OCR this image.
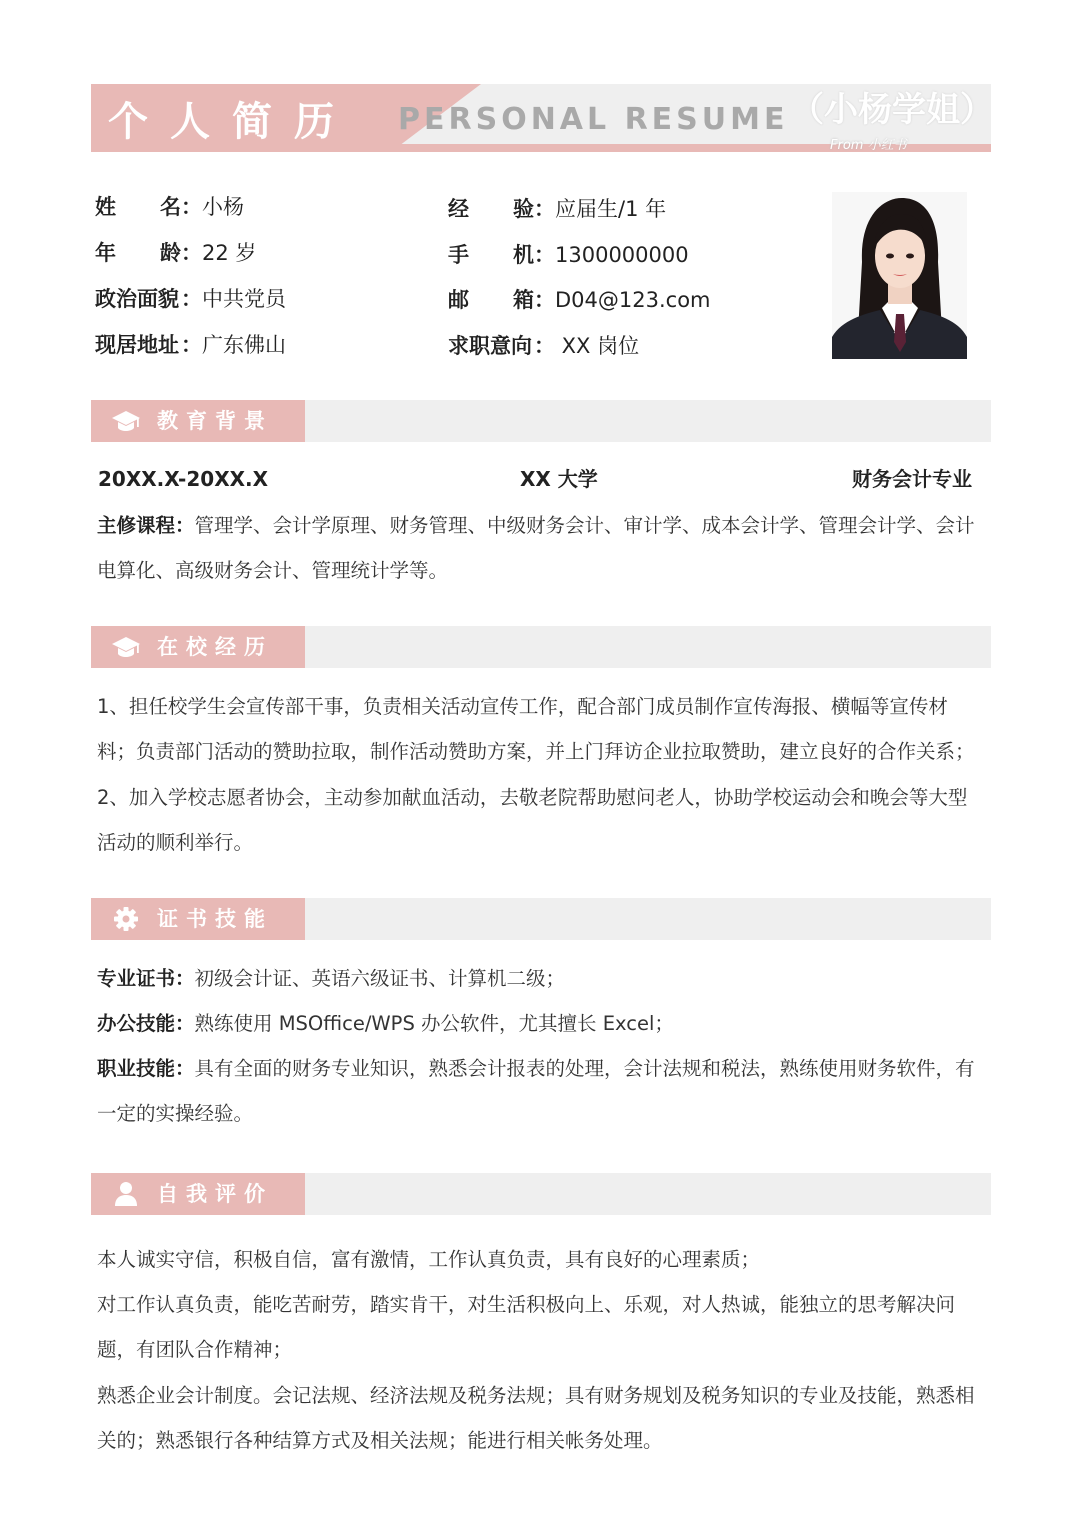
个人简历 PERSONAL RESUME （小杨学姐）
From 小红书
姓名：小杨
年龄：22 岁
政治面貌：中共党员
现居地址：广东佛山
经验：应届生/1 年
手机：1300000000
邮箱：D04@123.com
求职意向： XX 岗位
教育背景
20XX.X-20XX.X	XX 大学	财务会计专业
主修课程：管理学、会计学原理、财务管理、中级财务会计、审计学、成本会计学、管理会计学、会计电算化、高级财务会计、管理统计学等。
在校经历
1、担任校学生会宣传部干事，负责相关活动宣传工作，配合部门成员制作宣传海报、横幅等宣传材料；负责部门活动的赞助拉取，制作活动赞助方案，并上门拜访企业拉取赞助，建立良好的合作关系；
2、加入学校志愿者协会，主动参加献血活动，去敬老院帮助慰问老人，协助学校运动会和晚会等大型活动的顺利举行。
证书技能
专业证书：初级会计证、英语六级证书、计算机二级；
办公技能：熟练使用 MSOffice/WPS 办公软件，尤其擅长 Excel；
职业技能：具有全面的财务专业知识，熟悉会计报表的处理，会计法规和税法，熟练使用财务软件，有一定的实操经验。
自我评价
本人诚实守信，积极自信，富有激情，工作认真负责，具有良好的心理素质；
对工作认真负责，能吃苦耐劳，踏实肯干，对生活积极向上、乐观，对人热诚，能独立的思考解决问题，有团队合作精神；
熟悉企业会计制度。会记法规、经济法规及税务法规；具有财务规划及税务知识的专业及技能，熟悉相关的；熟悉银行各种结算方式及相关法规；能进行相关帐务处理。
